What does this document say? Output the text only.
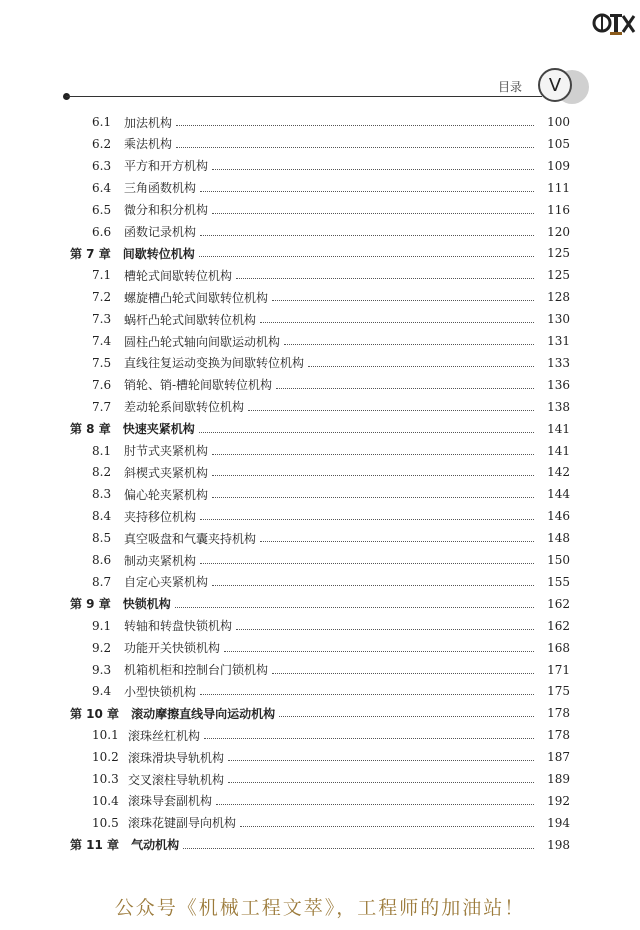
目录 V
6.1	加法机构	100
6.2	乘法机构	105
6.3	平方和开方机构	109
6.4	三角函数机构	111
6.5	微分和积分机构	116
6.6	函数记录机构	120
第 7 章 间歇转位机构	125
7.1	槽轮式间歇转位机构	125
7.2	螺旋槽凸轮式间歇转位机构	128
7.3	蜗杆凸轮式间歇转位机构	130
7.4	圆柱凸轮式轴向间歇运动机构	131
7.5	直线往复运动变换为间歇转位机构	133
7.6	销轮、销-槽轮间歇转位机构	136
7.7	差动轮系间歇转位机构	138
第 8 章 快速夹紧机构	141
8.1	肘节式夹紧机构	141
8.2	斜楔式夹紧机构	142
8.3	偏心轮夹紧机构	144
8.4	夹持移位机构	146
8.5	真空吸盘和气囊夹持机构	148
8.6	制动夹紧机构	150
8.7	自定心夹紧机构	155
第 9 章 快锁机构	162
9.1	转轴和转盘快锁机构	162
9.2	功能开关快锁机构	168
9.3	机箱机柜和控制台门锁机构	171
9.4	小型快锁机构	175
第 10 章 滚动摩擦直线导向运动机构	178
10.1 滚珠丝杠机构	178
10.2 滚珠滑块导轨机构	187
10.3 交叉滚柱导轨机构	189
10.4 滚珠导套副机构	192
10.5 滚珠花键副导向机构	194
第 11 章 气动机构	198
公众号《机械工程文萃》，工程师的加油站！
